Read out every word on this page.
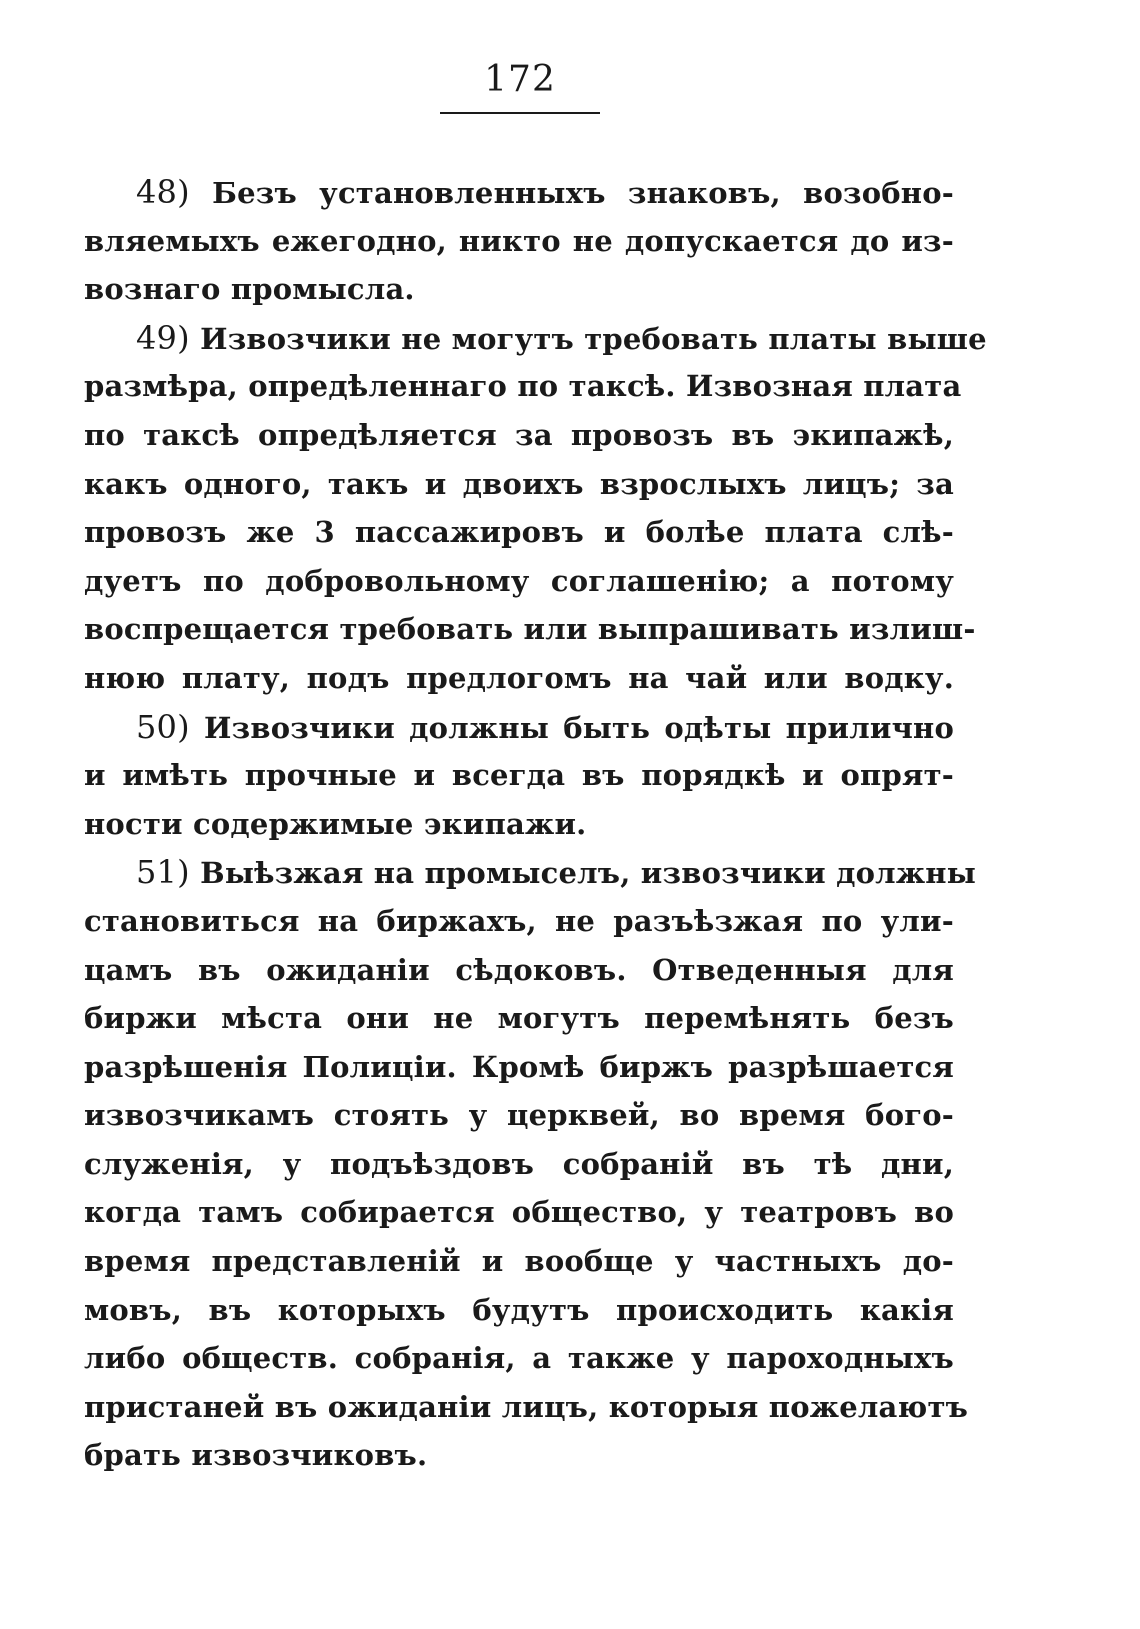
172
48) Безъ установленныхъ знаковъ, возобно-
вляемыхъ ежегодно, никто не допускается до из-
вознаго промысла.
49) Извозчики не могутъ требовать платы выше
размѣра, опредѣленнаго по таксѣ. Извозная плата
по таксѣ опредѣляется за провозъ въ экипажѣ,
какъ одного, такъ и двоихъ взрослыхъ лицъ; за
провозъ же 3 пассажировъ и болѣе плата слѣ-
дуетъ по добровольному соглашенiю; а потому
воспрещается требовать или выпрашивать излиш-
нюю плату, подъ предлогомъ на чай или водку.
50) Извозчики должны быть одѣты прилично
и имѣть прочные и всегда въ порядкѣ и опрят-
ности содержимые экипажи.
51) Выѣзжая на промыселъ, извозчики должны
становиться на биржахъ, не разъѣзжая по ули-
цамъ въ ожиданiи сѣдоковъ. Отведенныя для
биржи мѣста они не могутъ перемѣнять безъ
разрѣшенiя Полицiи. Кромѣ биржъ разрѣшается
извозчикамъ стоять у церквей, во время бого-
служенiя, у подъѣздовъ собранiй въ тѣ дни,
когда тамъ собирается общество, у театровъ во
время представленiй и вообще у частныхъ до-
мовъ, въ которыхъ будутъ происходить какiя
либо обществ. собранiя, а также у пароходныхъ
пристаней въ ожиданiи лицъ, которыя пожелаютъ
брать извозчиковъ.
